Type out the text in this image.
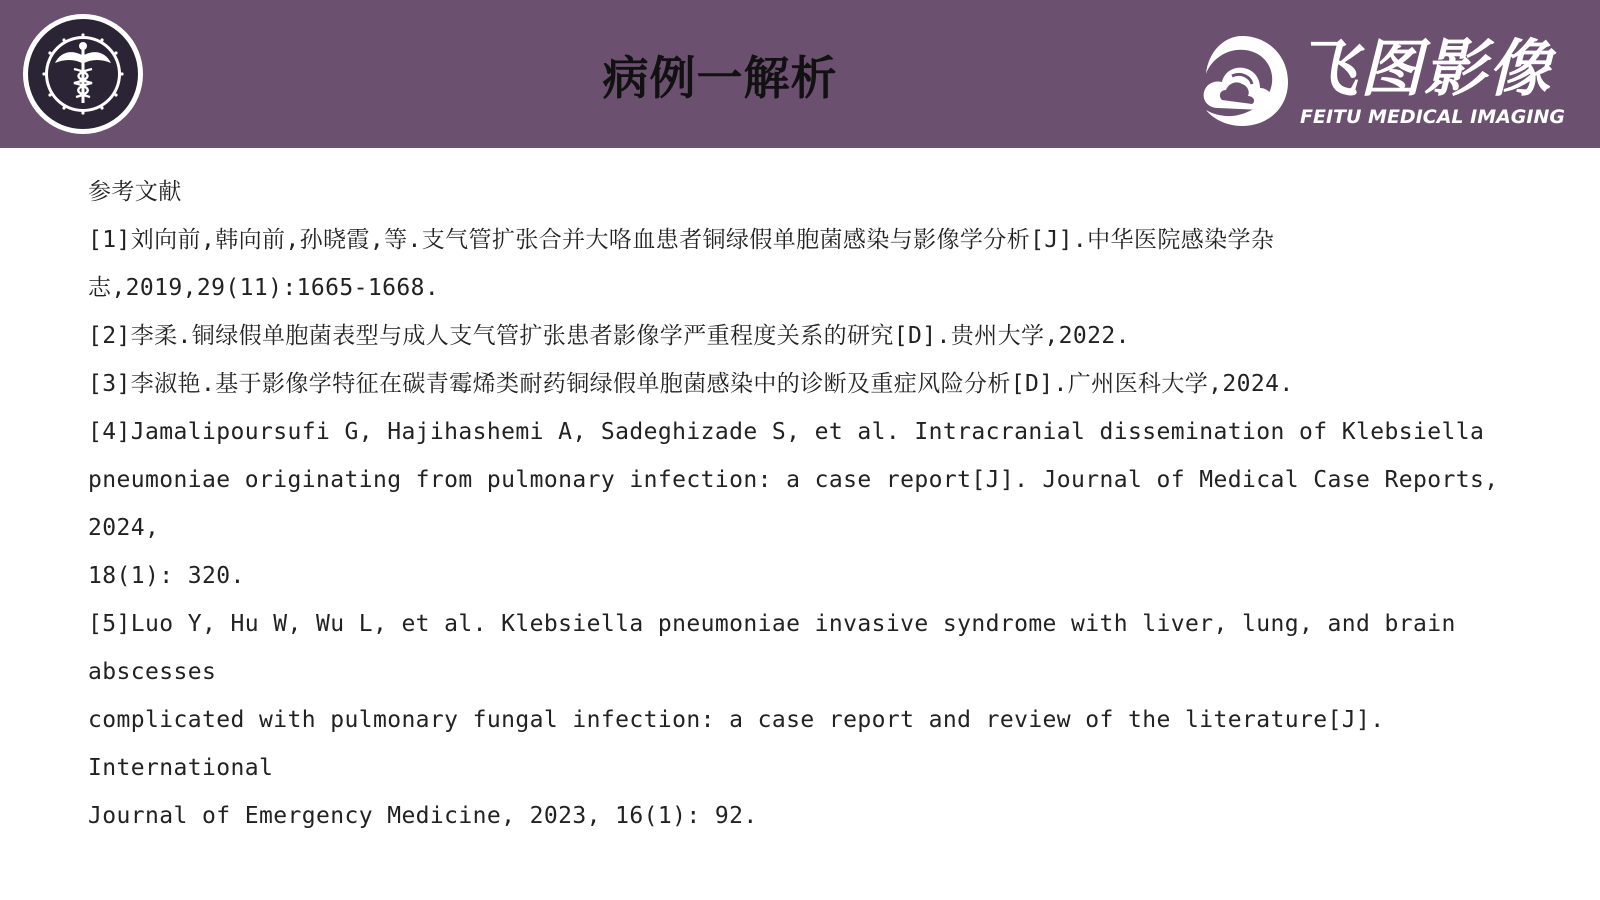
病例一解析	飞图影像
FEITU MEDICAL IMAGING

参考文献

[1]刘向前,韩向前,孙晓霞,等.支气管扩张合并大咯血患者铜绿假单胞菌感染与影像学分析[J].中华医院感染学杂

志,2019,29(11):1665-1668.

[2]李柔.铜绿假单胞菌表型与成人支气管扩张患者影像学严重程度关系的研究[D].贵州大学,2022.

[3]李淑艳.基于影像学特征在碳青霉烯类耐药铜绿假单胞菌感染中的诊断及重症风险分析[D].广州医科大学,2024.

[4]Jamalipoursufi G, Hajihashemi A, Sadeghizade S, et al. Intracranial dissemination of Klebsiella

pneumoniae originating from pulmonary infection: a case report[J]. Journal of Medical Case Reports, 2024,

18(1): 320.

[5]Luo Y, Hu W, Wu L, et al. Klebsiella pneumoniae invasive syndrome with liver, lung, and brain abscesses

complicated with pulmonary fungal infection: a case report and review of the literature[J]. International

Journal of Emergency Medicine, 2023, 16(1): 92.
